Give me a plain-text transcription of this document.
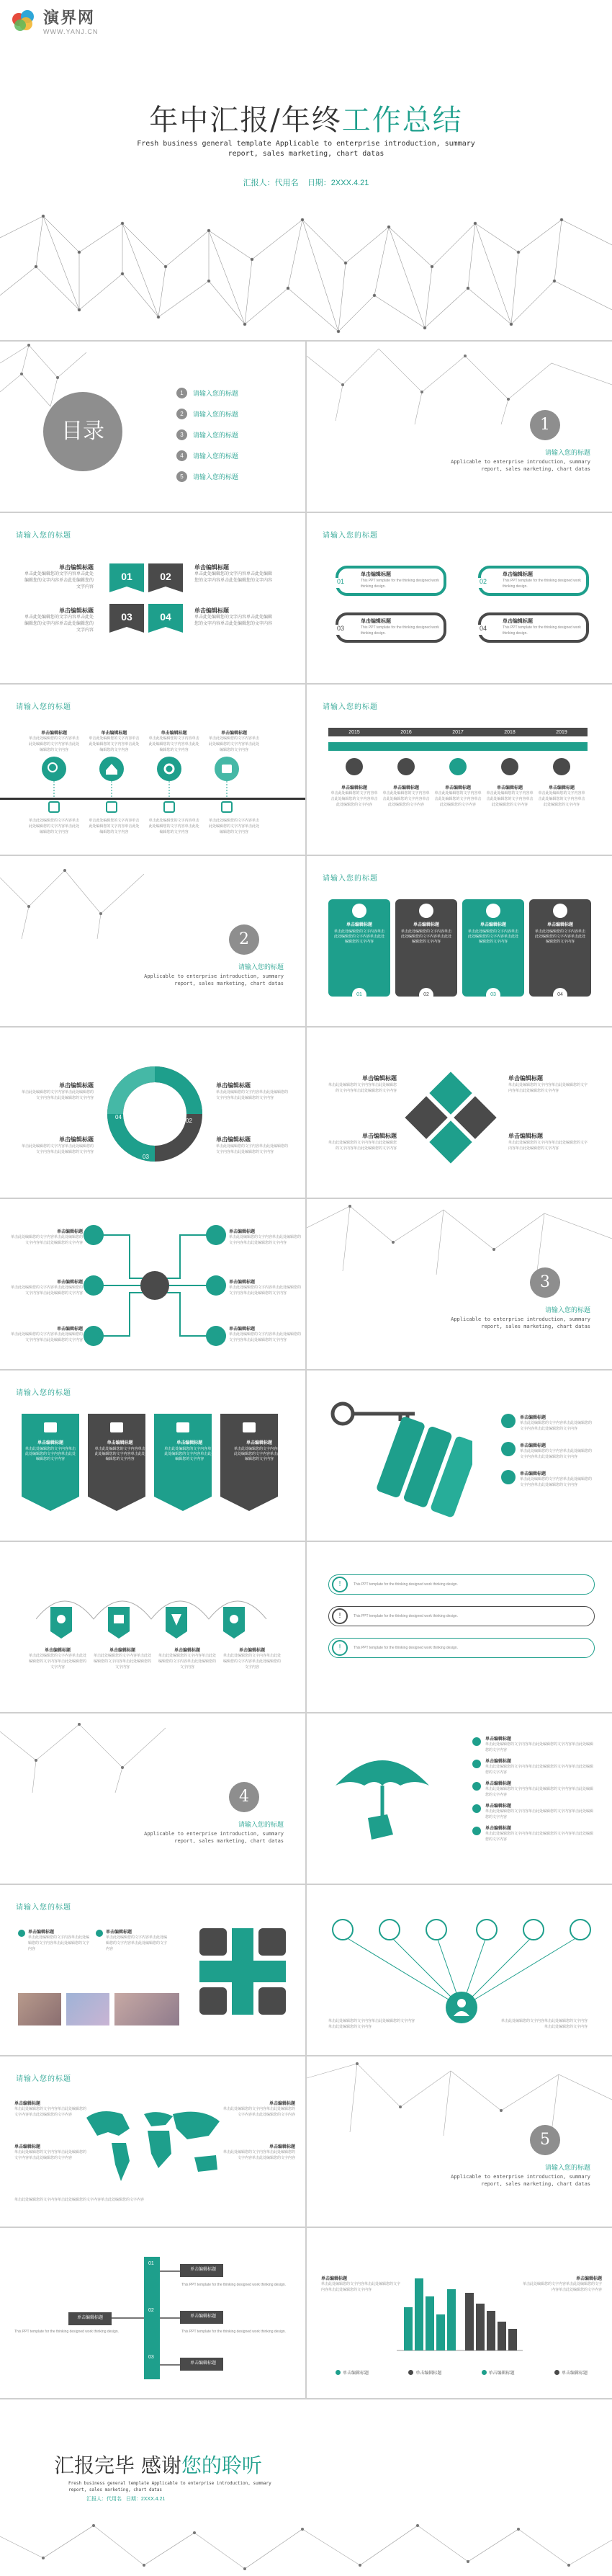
演界网
WWW.YANJ.CN
年中汇报/年终工作总结
Fresh business general template Applicable to enterprise introduction, summary
report, sales marketing, chart datas
汇报人：代用名 日期：2XXX.4.21
目录
1	请输入您的标题
2	请输入您的标题
3	请输入您的标题
4	请输入您的标题
5	请输入您的标题
1
请输入您的标题
Applicable to enterprise introduction, summary
report, sales marketing, chart datas
请输入您的标题
单击编辑标题
单击此处编辑您的文字内容单击此处编辑您的文字内容单击此处编辑您的文字内容
单击编辑标题
单击此处编辑您的文字内容单击此处编辑您的文字内容单击此处编辑您的文字内容
单击编辑标题
单击此处编辑您的文字内容单击此处编辑您的文字内容单击此处编辑您的文字内容
单击编辑标题
单击此处编辑您的文字内容单击此处编辑您的文字内容单击此处编辑您的文字内容
01	02
03	04
请输入您的标题
01	02
03	04
单击编辑标题
This PPT template for the thinking designed work thinking design.
单击编辑标题
This PPT template for the thinking designed work thinking design.
单击编辑标题
This PPT template for the thinking designed work thinking design.
单击编辑标题
This PPT template for the thinking designed work thinking design.
请输入您的标题
单击编辑标题
单击此处编辑您的文字内容单击此处编辑您的文字内容单击此处编辑您的文字内容
单击编辑标题
单击此处编辑您的文字内容单击此处编辑您的文字内容单击此处编辑您的文字内容
单击编辑标题
单击此处编辑您的文字内容单击此处编辑您的文字内容单击此处编辑您的文字内容
单击编辑标题
单击此处编辑您的文字内容单击此处编辑您的文字内容单击此处编辑您的文字内容
单击此处编辑您的文字内容单击此处编辑您的文字内容单击此处编辑您的文字内容
单击此处编辑您的文字内容单击此处编辑您的文字内容单击此处编辑您的文字内容
单击此处编辑您的文字内容单击此处编辑您的文字内容单击此处编辑您的文字内容
单击此处编辑您的文字内容单击此处编辑您的文字内容单击此处编辑您的文字内容
请输入您的标题
2015	2016	2017	2018	2019
单击编辑标题
单击此处编辑您的文字内容单击此处编辑您的文字内容单击此处编辑您的文字内容
单击编辑标题
单击此处编辑您的文字内容单击此处编辑您的文字内容单击此处编辑您的文字内容
单击编辑标题
单击此处编辑您的文字内容单击此处编辑您的文字内容单击此处编辑您的文字内容
单击编辑标题
单击此处编辑您的文字内容单击此处编辑您的文字内容单击此处编辑您的文字内容
单击编辑标题
单击此处编辑您的文字内容单击此处编辑您的文字内容单击此处编辑您的文字内容
2
请输入您的标题
Applicable to enterprise introduction, summary
report, sales marketing, chart datas
请输入您的标题
单击编辑标题
单击此处编辑您的文字内容单击此处编辑您的文字内容单击此处编辑您的文字内容
01
单击编辑标题
单击此处编辑您的文字内容单击此处编辑您的文字内容单击此处编辑您的文字内容
02
单击编辑标题
单击此处编辑您的文字内容单击此处编辑您的文字内容单击此处编辑您的文字内容
03
单击编辑标题
单击此处编辑您的文字内容单击此处编辑您的文字内容单击此处编辑您的文字内容
04
01
02
03
04
单击编辑标题
单击此处编辑您的文字内容单击此处编辑您的文字内容单击此处编辑您的文字内容
单击编辑标题
单击此处编辑您的文字内容单击此处编辑您的文字内容单击此处编辑您的文字内容
单击编辑标题
单击此处编辑您的文字内容单击此处编辑您的文字内容单击此处编辑您的文字内容
单击编辑标题
单击此处编辑您的文字内容单击此处编辑您的文字内容单击此处编辑您的文字内容
单击编辑标题
单击此处编辑您的文字内容单击此处编辑您的文字内容单击此处编辑您的文字内容
单击编辑标题
单击此处编辑您的文字内容单击此处编辑您的文字内容单击此处编辑您的文字内容
单击编辑标题
单击此处编辑您的文字内容单击此处编辑您的文字内容单击此处编辑您的文字内容
单击编辑标题
单击此处编辑您的文字内容单击此处编辑您的文字内容单击此处编辑您的文字内容
单击编辑标题
单击此处编辑您的文字内容单击此处编辑您的文字内容单击此处编辑您的文字内容
单击编辑标题
单击此处编辑您的文字内容单击此处编辑您的文字内容单击此处编辑您的文字内容
单击编辑标题
单击此处编辑您的文字内容单击此处编辑您的文字内容单击此处编辑您的文字内容
单击编辑标题
单击此处编辑您的文字内容单击此处编辑您的文字内容单击此处编辑您的文字内容
单击编辑标题
单击此处编辑您的文字内容单击此处编辑您的文字内容单击此处编辑您的文字内容
单击编辑标题
单击此处编辑您的文字内容单击此处编辑您的文字内容单击此处编辑您的文字内容
3
请输入您的标题
Applicable to enterprise introduction, summary
report, sales marketing, chart datas
请输入您的标题
单击编辑标题
单击此处编辑您的文字内容单击此处编辑您的文字内容单击此处编辑您的文字内容
单击编辑标题
单击此处编辑您的文字内容单击此处编辑您的文字内容单击此处编辑您的文字内容
单击编辑标题
单击此处编辑您的文字内容单击此处编辑您的文字内容单击此处编辑您的文字内容
单击编辑标题
单击此处编辑您的文字内容单击此处编辑您的文字内容单击此处编辑您的文字内容
单击编辑标题
单击此处编辑您的文字内容单击此处编辑您的文字内容单击此处编辑您的文字内容
单击编辑标题
单击此处编辑您的文字内容单击此处编辑您的文字内容单击此处编辑您的文字内容
单击编辑标题
单击此处编辑您的文字内容单击此处编辑您的文字内容单击此处编辑您的文字内容
单击编辑标题
单击此处编辑您的文字内容单击此处编辑您的文字内容单击此处编辑您的文字内容
单击编辑标题
单击此处编辑您的文字内容单击此处编辑您的文字内容单击此处编辑您的文字内容
单击编辑标题
单击此处编辑您的文字内容单击此处编辑您的文字内容单击此处编辑您的文字内容
单击编辑标题
单击此处编辑您的文字内容单击此处编辑您的文字内容单击此处编辑您的文字内容
!	This PPT template for the thinking designed work thinking design.
!	This PPT template for the thinking designed work thinking design.
!	This PPT template for the thinking designed work thinking design.
4
请输入您的标题
Applicable to enterprise introduction, summary
report, sales marketing, chart datas
单击编辑标题
单击此处编辑您的文字内容单击此处编辑您的文字内容单击此处编辑您的文字内容
单击编辑标题
单击此处编辑您的文字内容单击此处编辑您的文字内容单击此处编辑您的文字内容
单击编辑标题
单击此处编辑您的文字内容单击此处编辑您的文字内容单击此处编辑您的文字内容
单击编辑标题
单击此处编辑您的文字内容单击此处编辑您的文字内容单击此处编辑您的文字内容
单击编辑标题
单击此处编辑您的文字内容单击此处编辑您的文字内容单击此处编辑您的文字内容
请输入您的标题
单击编辑标题
单击此处编辑您的文字内容单击此处编辑您的文字内容单击此处编辑您的文字内容
单击编辑标题
单击此处编辑您的文字内容单击此处编辑您的文字内容单击此处编辑您的文字内容
单击此处编辑您的文字内容单击此处编辑您的文字内容单击此处编辑您的文字内容
单击此处编辑您的文字内容单击此处编辑您的文字内容单击此处编辑您的文字内容
请输入您的标题
单击编辑标题
单击此处编辑您的文字内容单击此处编辑您的文字内容单击此处编辑您的文字内容
单击编辑标题
单击此处编辑您的文字内容单击此处编辑您的文字内容单击此处编辑您的文字内容
单击编辑标题
单击此处编辑您的文字内容单击此处编辑您的文字内容单击此处编辑您的文字内容
单击编辑标题
单击此处编辑您的文字内容单击此处编辑您的文字内容单击此处编辑您的文字内容
单击此处编辑您的文字内容单击此处编辑您的文字内容单击此处编辑您的文字内容
5
请输入您的标题
Applicable to enterprise introduction, summary
report, sales marketing, chart datas
01
02
03
单击编辑标题
单击编辑标题
单击编辑标题
单击编辑标题
This PPT template for the thinking designed work thinking design.
This PPT template for the thinking designed work thinking design.
This PPT template for the thinking designed work thinking design.
单击编辑标题
单击此处编辑您的文字内容单击此处编辑您的文字内容单击此处编辑您的文字内容
单击编辑标题
单击此处编辑您的文字内容单击此处编辑您的文字内容单击此处编辑您的文字内容
单击编辑标题	单击编辑标题	单击编辑标题	单击编辑标题
汇报完毕 感谢您的聆听
Fresh business general template Applicable to enterprise introduction, summary
report, sales marketing, chart datas
汇报人：代用名 日期：2XXX.4.21
